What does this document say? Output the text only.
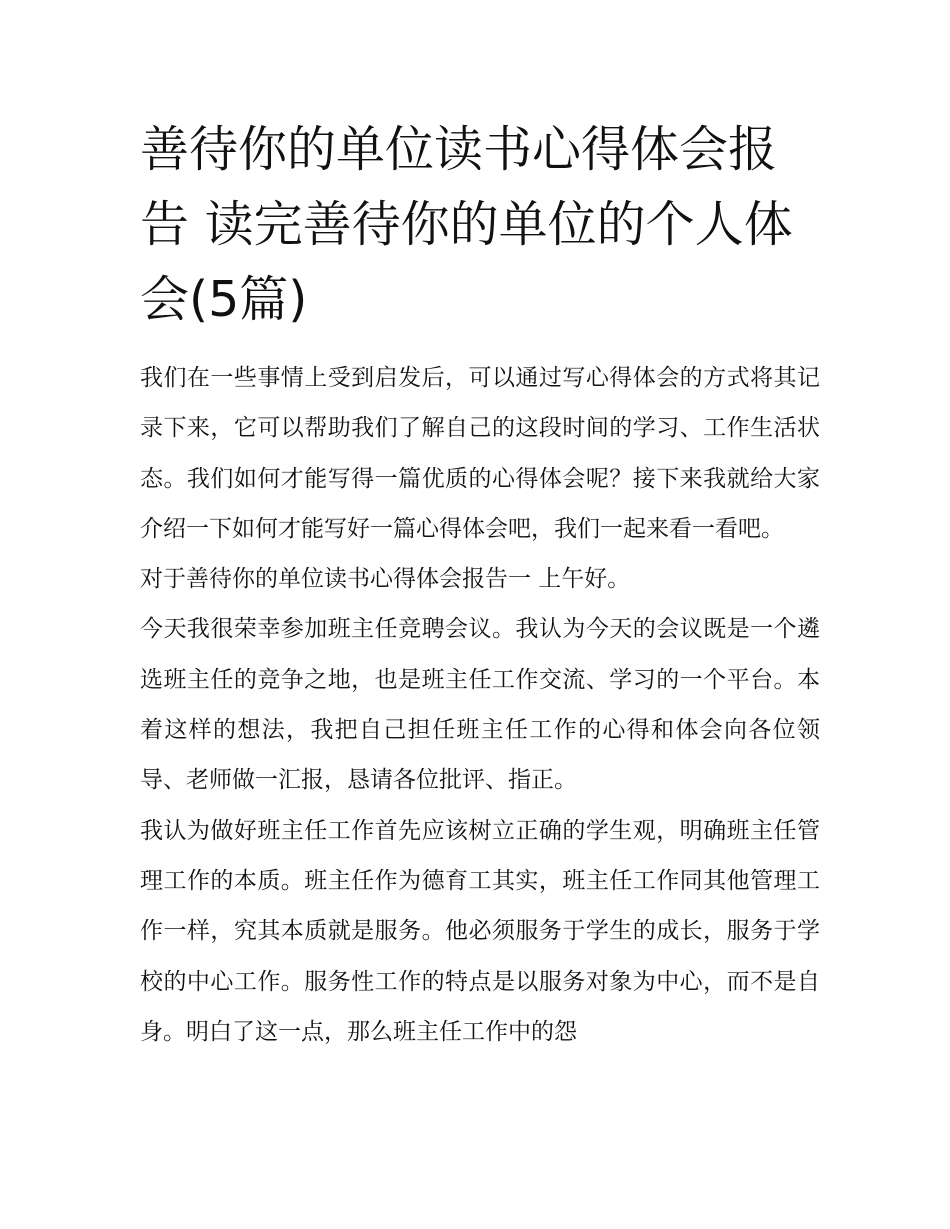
善待你的单位读书心得体会报告 读完善待你的单位的个人体会(5篇)

我们在一些事情上受到启发后，可以通过写心得体会的方式将其记录下来，它可以帮助我们了解自己的这段时间的学习、工作生活状态。我们如何才能写得一篇优质的心得体会呢？接下来我就给大家介绍一下如何才能写好一篇心得体会吧，我们一起来看一看吧。

对于善待你的单位读书心得体会报告一 上午好。

今天我很荣幸参加班主任竞聘会议。我认为今天的会议既是一个遴选班主任的竞争之地，也是班主任工作交流、学习的一个平台。本着这样的想法，我把自己担任班主任工作的心得和体会向各位领导、老师做一汇报，恳请各位批评、指正。

我认为做好班主任工作首先应该树立正确的学生观，明确班主任管理工作的本质。班主任作为德育工其实，班主任工作同其他管理工作一样，究其本质就是服务。他必须服务于学生的成长，服务于学校的中心工作。服务性工作的特点是以服务对象为中心，而不是自身。明白了这一点，那么班主任工作中的怨
